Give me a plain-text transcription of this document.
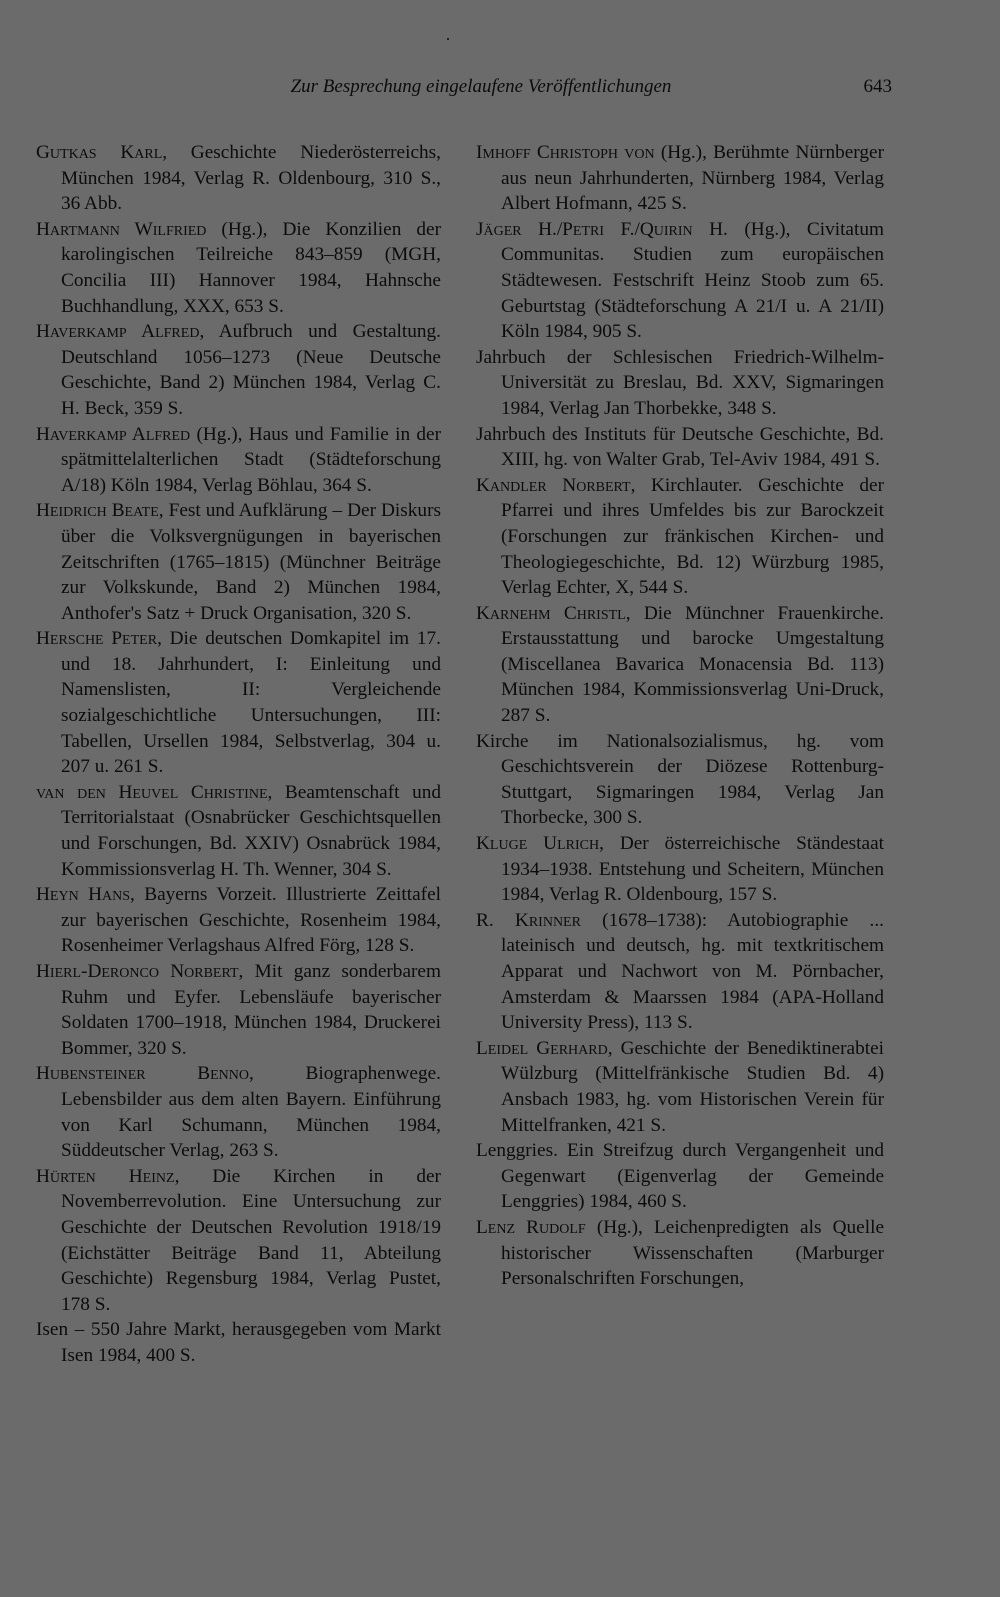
Zur Besprechung eingelaufene Veröffentlichungen	643

Gutkas Karl, Geschichte Niederösterreichs, München 1984, Verlag R. Oldenbourg, 310 S., 36 Abb.

Hartmann Wilfried (Hg.), Die Konzilien der karolingischen Teilreiche 843–859 (MGH, Concilia III) Hannover 1984, Hahnsche Buchhandlung, XXX, 653 S.

Haverkamp Alfred, Aufbruch und Gestaltung. Deutschland 1056–1273 (Neue Deutsche Geschichte, Band 2) München 1984, Verlag C. H. Beck, 359 S.

Haverkamp Alfred (Hg.), Haus und Familie in der spätmittelalterlichen Stadt (Städteforschung A/18) Köln 1984, Verlag Böhlau, 364 S.

Heidrich Beate, Fest und Aufklärung – Der Diskurs über die Volksvergnügungen in bayerischen Zeitschriften (1765–1815) (Münchner Beiträge zur Volkskunde, Band 2) München 1984, Anthofer's Satz + Druck Organisation, 320 S.

Hersche Peter, Die deutschen Domkapitel im 17. und 18. Jahrhundert, I: Einleitung und Namenslisten, II: Vergleichende sozialgeschichtliche Untersuchungen, III: Tabellen, Ursellen 1984, Selbstverlag, 304 u. 207 u. 261 S.

van den Heuvel Christine, Beamtenschaft und Territorialstaat (Osnabrücker Geschichtsquellen und Forschungen, Bd. XXIV) Osnabrück 1984, Kommissionsverlag H. Th. Wenner, 304 S.

Heyn Hans, Bayerns Vorzeit. Illustrierte Zeittafel zur bayerischen Geschichte, Rosenheim 1984, Rosenheimer Verlagshaus Alfred Förg, 128 S.

Hierl-Deronco Norbert, Mit ganz sonderbarem Ruhm und Eyfer. Lebensläufe bayerischer Soldaten 1700–1918, München 1984, Druckerei Bommer, 320 S.

Hubensteiner Benno, Biographenwege. Lebensbilder aus dem alten Bayern. Einführung von Karl Schumann, München 1984, Süddeutscher Verlag, 263 S.

Hürten Heinz, Die Kirchen in der Novemberrevolution. Eine Untersuchung zur Geschichte der Deutschen Revolution 1918/19 (Eichstätter Beiträge Band 11, Abteilung Geschichte) Regensburg 1984, Verlag Pustet, 178 S.

Isen – 550 Jahre Markt, herausgegeben vom Markt Isen 1984, 400 S.

Imhoff Christoph von (Hg.), Berühmte Nürnberger aus neun Jahrhunderten, Nürnberg 1984, Verlag Albert Hofmann, 425 S.

Jäger H./Petri F./Quirin H. (Hg.), Civitatum Communitas. Studien zum europäischen Städtewesen. Festschrift Heinz Stoob zum 65. Geburtstag (Städteforschung A 21/I u. A 21/II) Köln 1984, 905 S.

Jahrbuch der Schlesischen Friedrich-Wilhelm-Universität zu Breslau, Bd. XXV, Sigmaringen 1984, Verlag Jan Thorbekke, 348 S.

Jahrbuch des Instituts für Deutsche Geschichte, Bd. XIII, hg. von Walter Grab, Tel-Aviv 1984, 491 S.

Kandler Norbert, Kirchlauter. Geschichte der Pfarrei und ihres Umfeldes bis zur Barockzeit (Forschungen zur fränkischen Kirchen- und Theologiegeschichte, Bd. 12) Würzburg 1985, Verlag Echter, X, 544 S.

Karnehm Christl, Die Münchner Frauenkirche. Erstausstattung und barocke Umgestaltung (Miscellanea Bavarica Monacensia Bd. 113) München 1984, Kommissionsverlag Uni-Druck, 287 S.

Kirche im Nationalsozialismus, hg. vom Geschichtsverein der Diözese Rottenburg-Stuttgart, Sigmaringen 1984, Verlag Jan Thorbecke, 300 S.

Kluge Ulrich, Der österreichische Ständestaat 1934–1938. Entstehung und Scheitern, München 1984, Verlag R. Oldenbourg, 157 S.

R. Krinner (1678–1738): Autobiographie ... lateinisch und deutsch, hg. mit textkritischem Apparat und Nachwort von M. Pörnbacher, Amsterdam & Maarssen 1984 (APA-Holland University Press), 113 S.

Leidel Gerhard, Geschichte der Benediktinerabtei Wülzburg (Mittelfränkische Studien Bd. 4) Ansbach 1983, hg. vom Historischen Verein für Mittelfranken, 421 S.

Lenggries. Ein Streifzug durch Vergangenheit und Gegenwart (Eigenverlag der Gemeinde Lenggries) 1984, 460 S.

Lenz Rudolf (Hg.), Leichenpredigten als Quelle historischer Wissenschaften (Marburger Personalschriften Forschungen,
